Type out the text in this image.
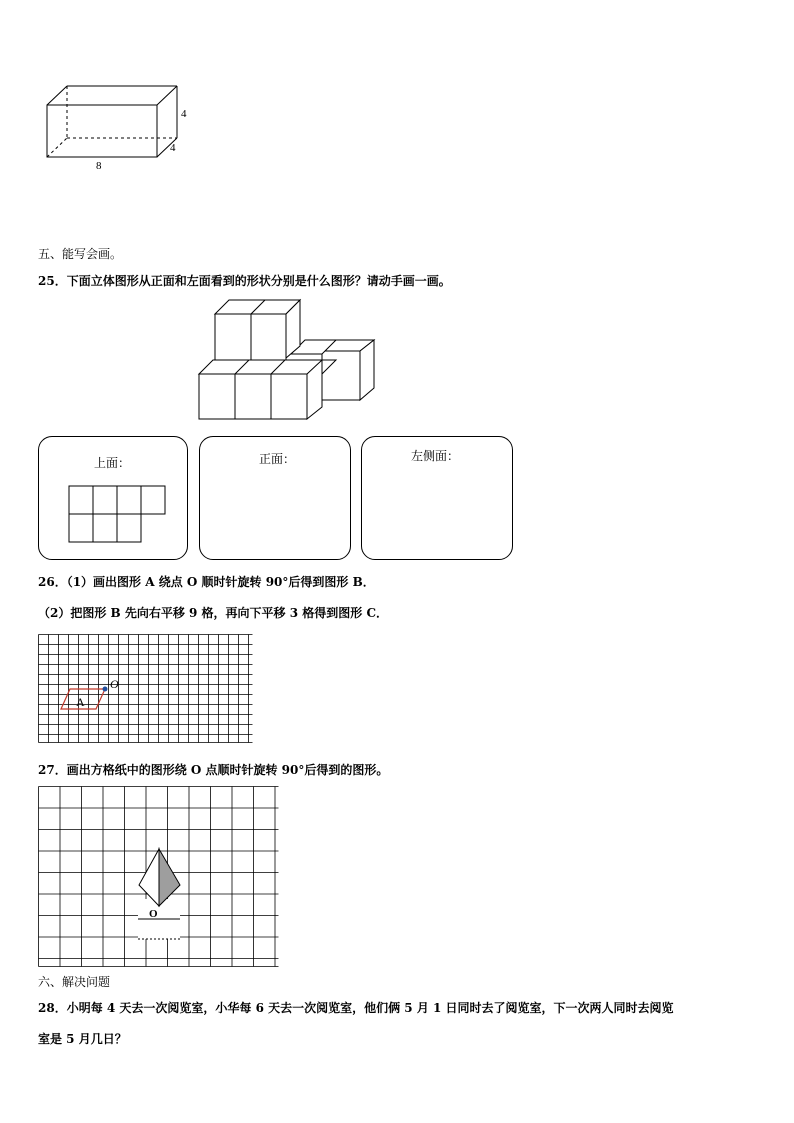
4
4
8
五、能写会画。
25．下面立体图形从正面和左面看到的形状分别是什么图形？请动手画一画。
上面：	正面：	左侧面：
26．（1）画出图形 A 绕点 O 顺时针旋转 90°后得到图形 B．
（2）把图形 B 先向右平移 9 格，再向下平移 3 格得到图形 C．
A
O
27．画出方格纸中的图形绕 O 点顺时针旋转 90°后得到的图形。
O
六、解决问题
28．小明每 4 天去一次阅览室，小华每 6 天去一次阅览室，他们俩 5 月 1 日同时去了阅览室，下一次两人同时去阅览
室是 5 月几日？
